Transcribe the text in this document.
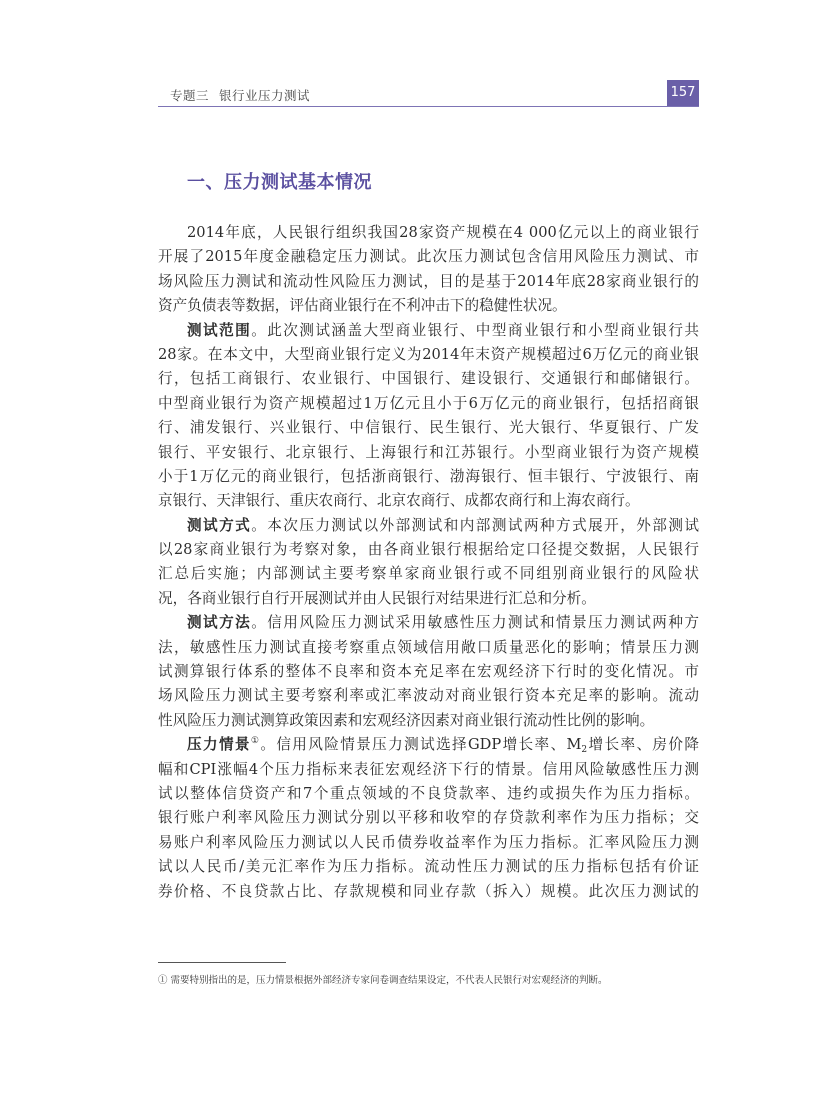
专题三 银行业压力测试	157
一、压力测试基本情况
2014年底，人民银行组织我国28家资产规模在4 000亿元以上的商业银行
开展了2015年度金融稳定压力测试。此次压力测试包含信用风险压力测试、市
场风险压力测试和流动性风险压力测试，目的是基于2014年底28家商业银行的
资产负债表等数据，评估商业银行在不利冲击下的稳健性状况。
测试范围。此次测试涵盖大型商业银行、中型商业银行和小型商业银行共
28家。在本文中，大型商业银行定义为2014年末资产规模超过6万亿元的商业银
行，包括工商银行、农业银行、中国银行、建设银行、交通银行和邮储银行。
中型商业银行为资产规模超过1万亿元且小于6万亿元的商业银行，包括招商银
行、浦发银行、兴业银行、中信银行、民生银行、光大银行、华夏银行、广发
银行、平安银行、北京银行、上海银行和江苏银行。小型商业银行为资产规模
小于1万亿元的商业银行，包括浙商银行、渤海银行、恒丰银行、宁波银行、南
京银行、天津银行、重庆农商行、北京农商行、成都农商行和上海农商行。
测试方式。本次压力测试以外部测试和内部测试两种方式展开，外部测试
以28家商业银行为考察对象，由各商业银行根据给定口径提交数据，人民银行
汇总后实施；内部测试主要考察单家商业银行或不同组别商业银行的风险状
况，各商业银行自行开展测试并由人民银行对结果进行汇总和分析。
测试方法。信用风险压力测试采用敏感性压力测试和情景压力测试两种方
法，敏感性压力测试直接考察重点领域信用敞口质量恶化的影响；情景压力测
试测算银行体系的整体不良率和资本充足率在宏观经济下行时的变化情况。市
场风险压力测试主要考察利率或汇率波动对商业银行资本充足率的影响。流动
性风险压力测试测算政策因素和宏观经济因素对商业银行流动性比例的影响。
压力情景①。信用风险情景压力测试选择GDP增长率、$M_2$增长率、房价降
幅和CPI涨幅4个压力指标来表征宏观经济下行的情景。信用风险敏感性压力测
试以整体信贷资产和7个重点领域的不良贷款率、违约或损失作为压力指标。
银行账户利率风险压力测试分别以平移和收窄的存贷款利率作为压力指标；交
易账户利率风险压力测试以人民币债券收益率作为压力指标。汇率风险压力测
试以人民币/美元汇率作为压力指标。流动性压力测试的压力指标包括有价证
券价格、不良贷款占比、存款规模和同业存款（拆入）规模。此次压力测试的
① 需要特别指出的是，压力情景根据外部经济专家问卷调查结果设定，不代表人民银行对宏观经济的判断。
